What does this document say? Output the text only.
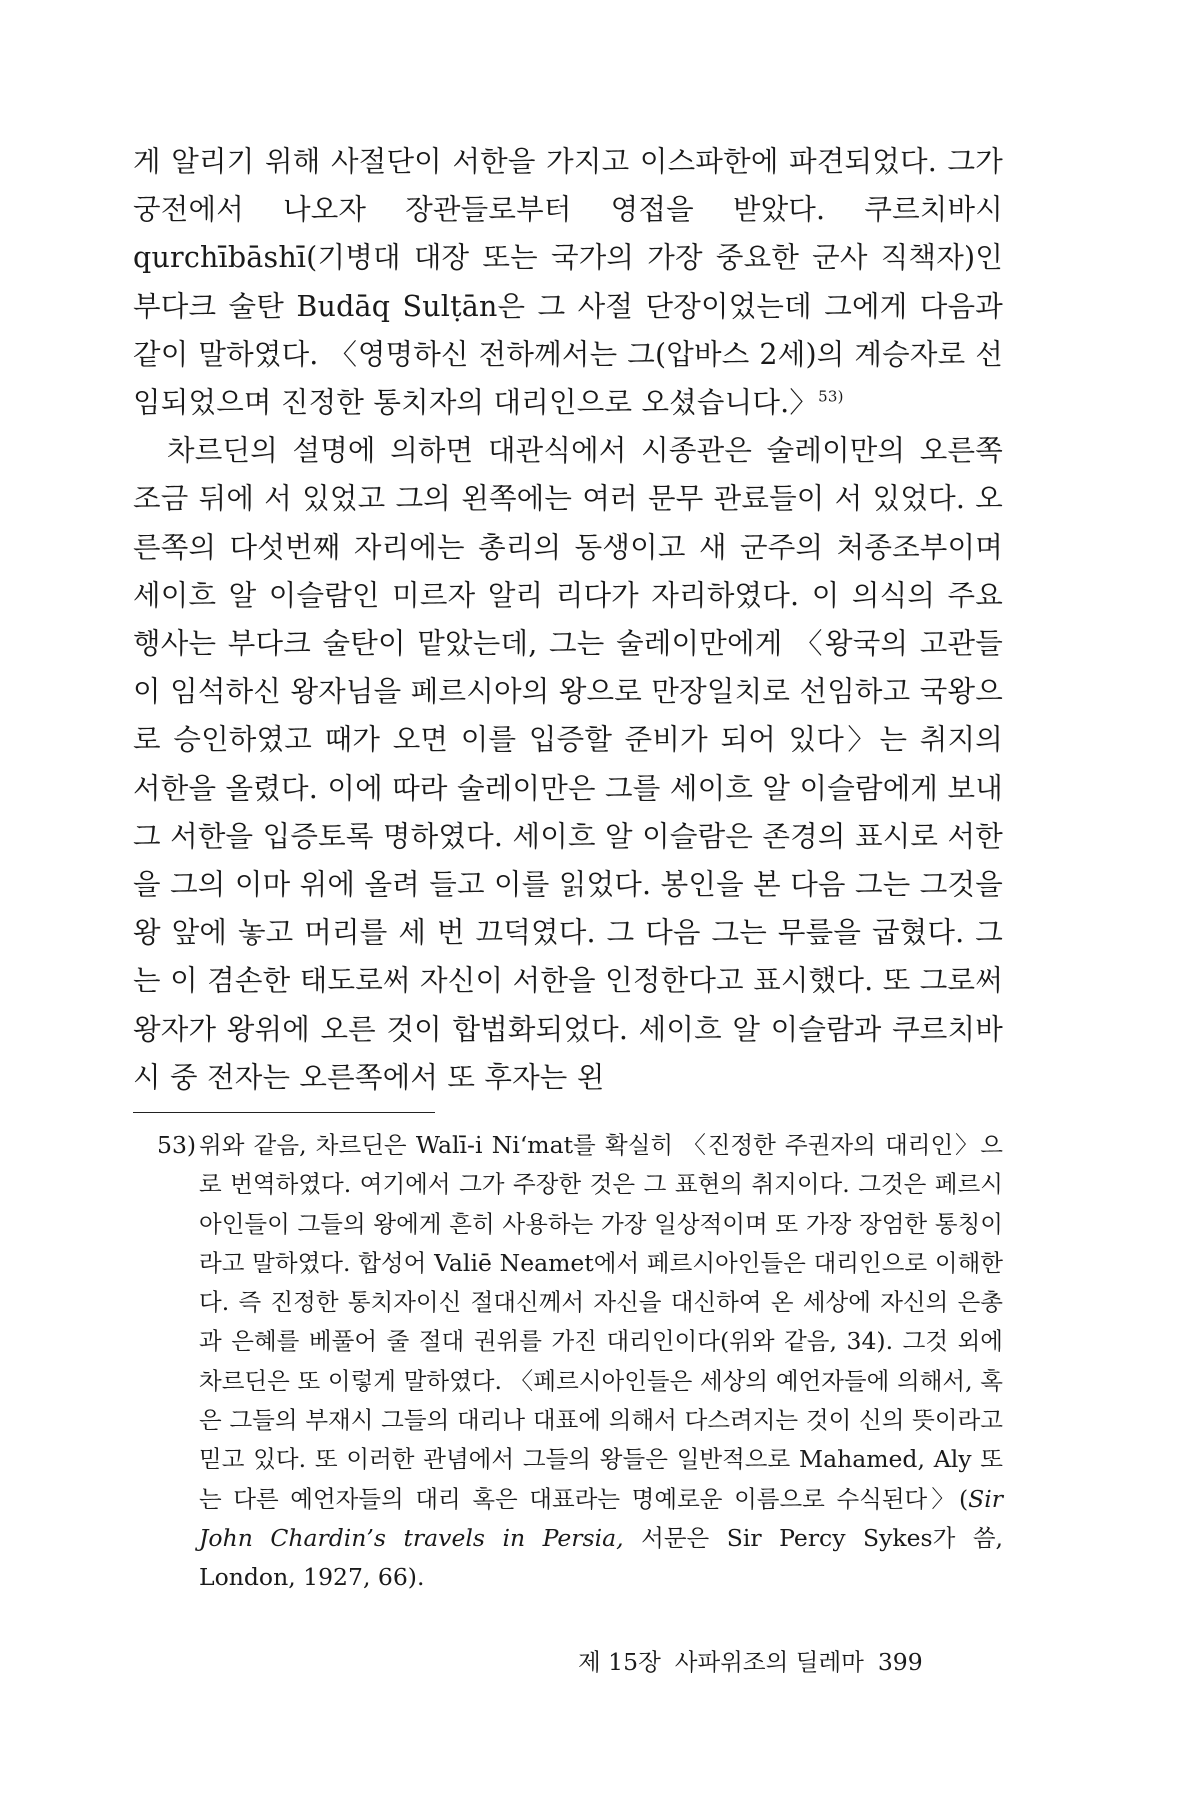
게 알리기 위해 사절단이 서한을 가지고 이스파한에 파견되었다. 그가 궁전에서 나오자 장관들로부터 영접을 받았다. 쿠르치바시 qurchībāshī(기병대 대장 또는 국가의 가장 중요한 군사 직책자)인 부다크 술탄 Budāq Sulṭān은 그 사절 단장이었는데 그에게 다음과 같이 말하였다. 〈영명하신 전하께서는 그(압바스 2세)의 계승자로 선임되었으며 진정한 통치자의 대리인으로 오셨습니다.〉$^{53)}$

차르딘의 설명에 의하면 대관식에서 시종관은 술레이만의 오른쪽 조금 뒤에 서 있었고 그의 왼쪽에는 여러 문무 관료들이 서 있었다. 오른쪽의 다섯번째 자리에는 총리의 동생이고 새 군주의 처종조부이며 세이흐 알 이슬람인 미르자 알리 리다가 자리하였다. 이 의식의 주요 행사는 부다크 술탄이 맡았는데, 그는 술레이만에게 〈왕국의 고관들이 임석하신 왕자님을 페르시아의 왕으로 만장일치로 선임하고 국왕으로 승인하였고 때가 오면 이를 입증할 준비가 되어 있다〉는 취지의 서한을 올렸다. 이에 따라 술레이만은 그를 세이흐 알 이슬람에게 보내 그 서한을 입증토록 명하였다. 세이흐 알 이슬람은 존경의 표시로 서한을 그의 이마 위에 올려 들고 이를 읽었다. 봉인을 본 다음 그는 그것을 왕 앞에 놓고 머리를 세 번 끄덕였다. 그 다음 그는 무릎을 굽혔다. 그는 이 겸손한 태도로써 자신이 서한을 인정한다고 표시했다. 또 그로써 왕자가 왕위에 오른 것이 합법화되었다. 세이흐 알 이슬람과 쿠르치바시 중 전자는 오른쪽에서 또 후자는 왼

53) 위와 같음, 차르딘은 Walī-i Ni‘mat를 확실히 〈진정한 주권자의 대리인〉으로 번역하였다. 여기에서 그가 주장한 것은 그 표현의 취지이다. 그것은 페르시아인들이 그들의 왕에게 흔히 사용하는 가장 일상적이며 또 가장 장엄한 통칭이라고 말하였다. 합성어 Valiē Neamet에서 페르시아인들은 대리인으로 이해한다. 즉 진정한 통치자이신 절대신께서 자신을 대신하여 온 세상에 자신의 은총과 은혜를 베풀어 줄 절대 권위를 가진 대리인이다(위와 같음, 34). 그것 외에 차르딘은 또 이렇게 말하였다. 〈페르시아인들은 세상의 예언자들에 의해서, 혹은 그들의 부재시 그들의 대리나 대표에 의해서 다스려지는 것이 신의 뜻이라고 믿고 있다. 또 이러한 관념에서 그들의 왕들은 일반적으로 Mahamed, Aly 또는 다른 예언자들의 대리 혹은 대표라는 명예로운 이름으로 수식된다〉(Sir John Chardin’s travels in Persia, 서문은 Sir Percy Sykes가 씀, London, 1927, 66).
제 15장 사파위조의 딜레마 399
